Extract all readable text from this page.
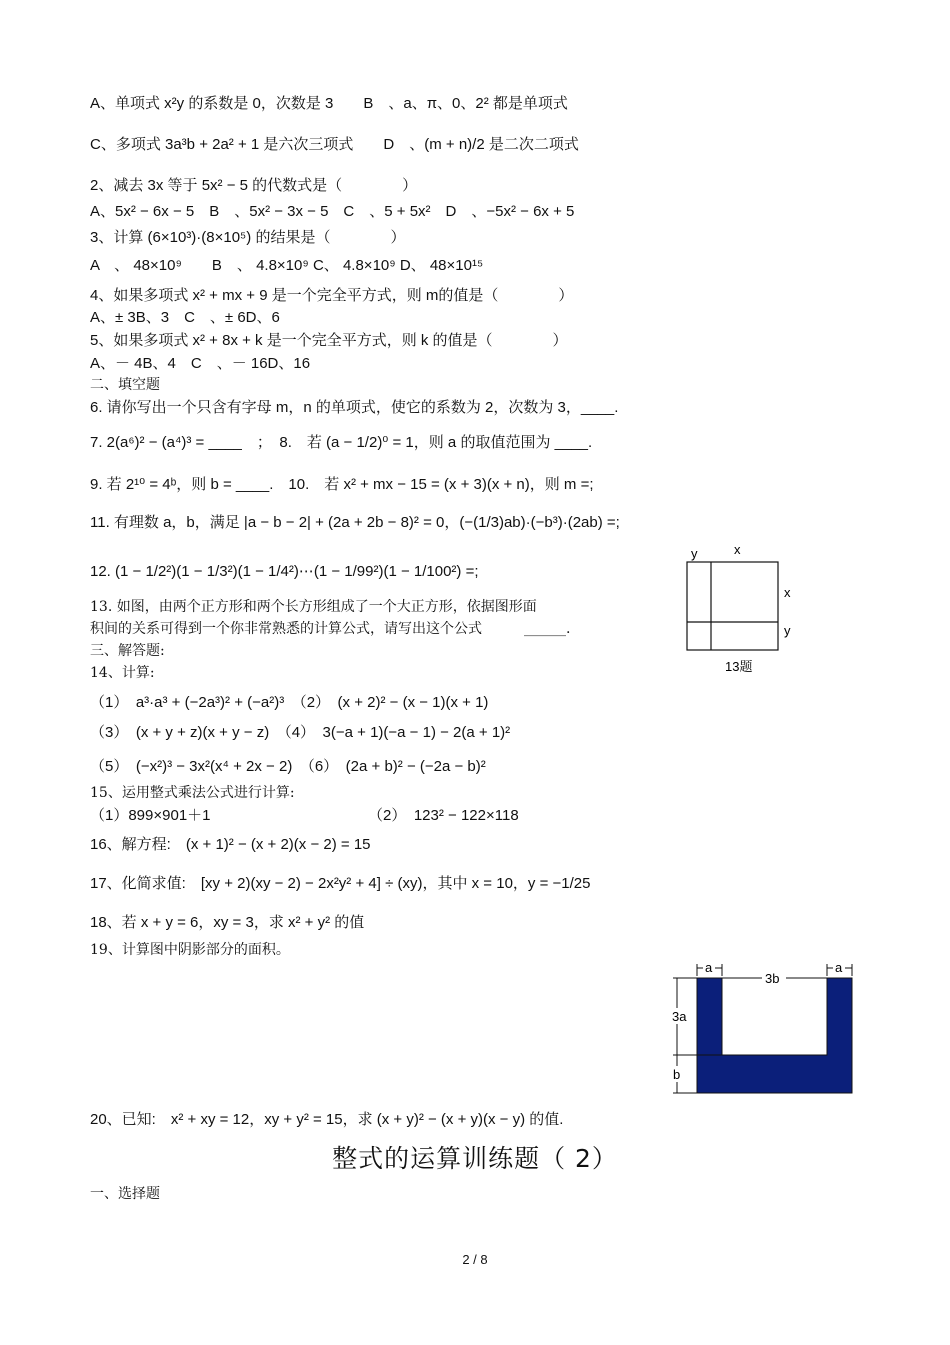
A、单项式 x²y 的系数是 0，次数是 3　　B　、a、π、0、2² 都是单项式
C、多项式 3a³b + 2a² + 1 是六次三项式　　D　、(m + n)/2 是二次二项式
2、减去 3x 等于 5x² − 5 的代数式是（　　　　）
A、5x² − 6x − 5　B　、5x² − 3x − 5　C　、5 + 5x²　D　、−5x² − 6x + 5
3、计算 (6×10³)·(8×10⁵) 的结果是（　　　　）
A　、 48×10⁹　　B　、 4.8×10⁹ C、 4.8×10⁹ D、 48×10¹⁵
4、如果多项式 x² + mx + 9 是一个完全平方式，则 m的值是（　　　　）
A、± 3B、3　C　、± 6D、6
5、如果多项式 x² + 8x + k 是一个完全平方式，则 k 的值是（　　　　）
A、－ 4B、4　C　、－ 16D、16
二、填空题
6. 请你写出一个只含有字母 m，n 的单项式，使它的系数为 2，次数为 3，____.
7. 2(a⁶)² − (a⁴)³ = ____　；　8.　若 (a − 1/2)⁰ = 1，则 a 的取值范围为 ____.
9. 若 2¹⁰ = 4ᵇ，则 b = ____.　10.　若 x² + mx − 15 = (x + 3)(x + n)，则 m =;
11. 有理数 a，b，满足 |a − b − 2| + (2a + 2b − 8)² = 0，(−(1/3)ab)·(−b³)·(2ab) =;
12. (1 − 1/2²)(1 − 1/3²)(1 − 1/4²)⋯(1 − 1/99²)(1 − 1/100²) =;
13. 如图，由两个正方形和两个长方形组成了一个大正方形，依据图形面
积间的关系可得到一个你非常熟悉的计算公式，请写出这个公式　　　______.
三、解答题:
14、计算:
（1）　a³·a³ + (−2a³)² + (−a²)³　（2）　(x + 2)² − (x − 1)(x + 1)
（3）　(x + y + z)(x + y − z)　（4）　3(−a + 1)(−a − 1) − 2(a + 1)²
（5）　(−x²)³ − 3x²(x⁴ + 2x − 2)　（6）　(2a + b)² − (−2a − b)²
15、运用整式乘法公式进行计算:
（1）899×901＋1　　　　　　　　　　　（2）　123² − 122×118
16、解方程:　(x + 1)² − (x + 2)(x − 2) = 15
17、化简求值:　[xy + 2)(xy − 2) − 2x²y² + 4] ÷ (xy)，其中 x = 10，y = −1/25
18、若 x + y = 6，xy = 3，求 x² + y² 的值
19、计算图中阴影部分的面积。
20、已知:　x² + xy = 12，xy + y² = 15，求 (x + y)² − (x + y)(x − y) 的值.
整式的运算训练题（ 2）
一、选择题
y	x
x
y
13题
a
3b
a
3a
b
2 / 8
